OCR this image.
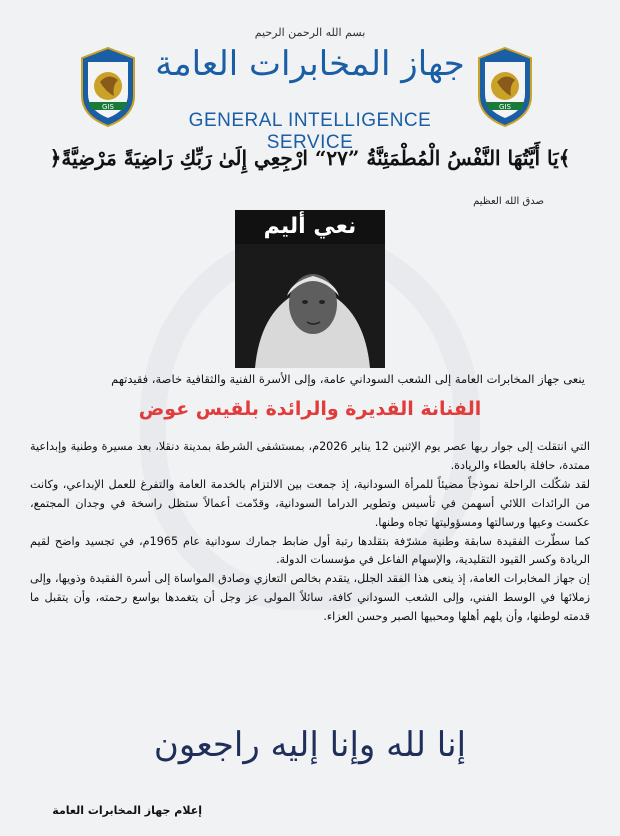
بسم الله الرحمن الرحيم
GIS	GIS
جهاز المخابرات العامة
GENERAL INTELLIGENCE SERVICE
﴿يَا أَيَّتُهَا النَّفْسُ الْمُطْمَئِنَّةُ ”٢٧“ ارْجِعِي إِلَىٰ رَبِّكِ رَاضِيَةً مَرْضِيَّةً﴾
صدق الله العظيم
نعي أليم
ينعى جهاز المخابرات العامة إلى الشعب السوداني عامة، وإلى الأسرة الفنية والثقافية خاصة، فقيدتهم
الفنانة القديرة والرائدة بلقيس عوض

التي انتقلت إلى جوار ربها عصر يوم الإثنين 12 يناير 2026م، بمستشفى الشرطة بمدينة دنقلا، بعد مسيرة وطنية وإبداعية ممتدة، حافلة بالعطاء والريادة.

لقد شكّلت الراحلة نموذجاً مضيئاً للمرأة السودانية، إذ جمعت بين الالتزام بالخدمة العامة والتفرغ للعمل الإبداعي، وكانت من الرائدات اللائي أسهمن في تأسيس وتطوير الدراما السودانية، وقدّمت أعمالاً ستظل راسخة في وجدان المجتمع، عكست وعيها ورسالتها ومسؤوليتها تجاه وطنها.

كما سطّرت الفقيدة سابقة وطنية مشرّفة بتقلدها رتبة أول ضابط جمارك سودانية عام 1965م، في تجسيد واضح لقيم الريادة وكسر القيود التقليدية، والإسهام الفاعل في مؤسسات الدولة.

إن جهاز المخابرات العامة، إذ ينعى هذا الفقد الجلل، يتقدم بخالص التعازي وصادق المواساة إلى أسرة الفقيدة وذويها، وإلى زملائها في الوسط الفني، وإلى الشعب السوداني كافة، سائلاً المولى عز وجل أن يتغمدها بواسع رحمته، وأن يتقبل ما قدمته لوطنها، وأن يلهم أهلها ومحبيها الصبر وحسن العزاء.

إنا لله وإنا إليه راجعون
إعلام جهاز المخابرات العامة
